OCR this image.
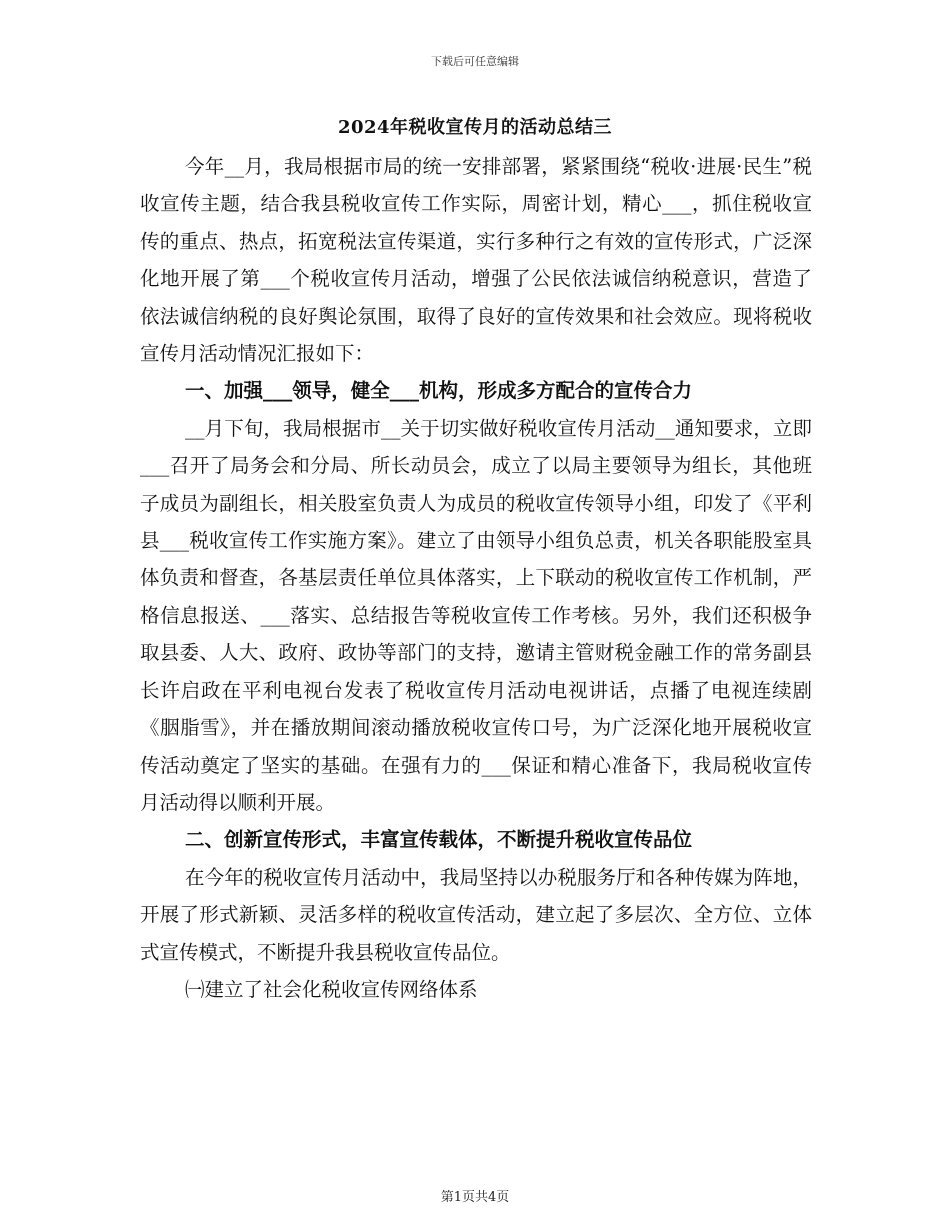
下载后可任意编辑
2024年税收宣传月的活动总结三

今年__月，我局根据市局的统一安排部署，紧紧围绕“税收·进展·民生”税收宣传主题，结合我县税收宣传工作实际，周密计划，精心___，抓住税收宣传的重点、热点，拓宽税法宣传渠道，实行多种行之有效的宣传形式，广泛深化地开展了第___个税收宣传月活动，增强了公民依法诚信纳税意识，营造了依法诚信纳税的良好舆论氛围，取得了良好的宣传效果和社会效应。现将税收宣传月活动情况汇报如下：

一、加强___领导，健全___机构，形成多方配合的宣传合力

__月下旬，我局根据市__关于切实做好税收宣传月活动__通知要求，立即___召开了局务会和分局、所长动员会，成立了以局主要领导为组长，其他班子成员为副组长，相关股室负责人为成员的税收宣传领导小组，印发了《平利县___税收宣传工作实施方案》。建立了由领导小组负总责，机关各职能股室具体负责和督查，各基层责任单位具体落实，上下联动的税收宣传工作机制，严格信息报送、___落实、总结报告等税收宣传工作考核。另外，我们还积极争取县委、人大、政府、政协等部门的支持，邀请主管财税金融工作的常务副县长许启政在平利电视台发表了税收宣传月活动电视讲话，点播了电视连续剧《胭脂雪》，并在播放期间滚动播放税收宣传口号，为广泛深化地开展税收宣传活动奠定了坚实的基础。在强有力的___保证和精心准备下，我局税收宣传月活动得以顺利开展。

二、创新宣传形式，丰富宣传载体，不断提升税收宣传品位

在今年的税收宣传月活动中，我局坚持以办税服务厅和各种传媒为阵地，开展了形式新颖、灵活多样的税收宣传活动，建立起了多层次、全方位、立体式宣传模式，不断提升我县税收宣传品位。

㈠建立了社会化税收宣传网络体系

第1页共4页
